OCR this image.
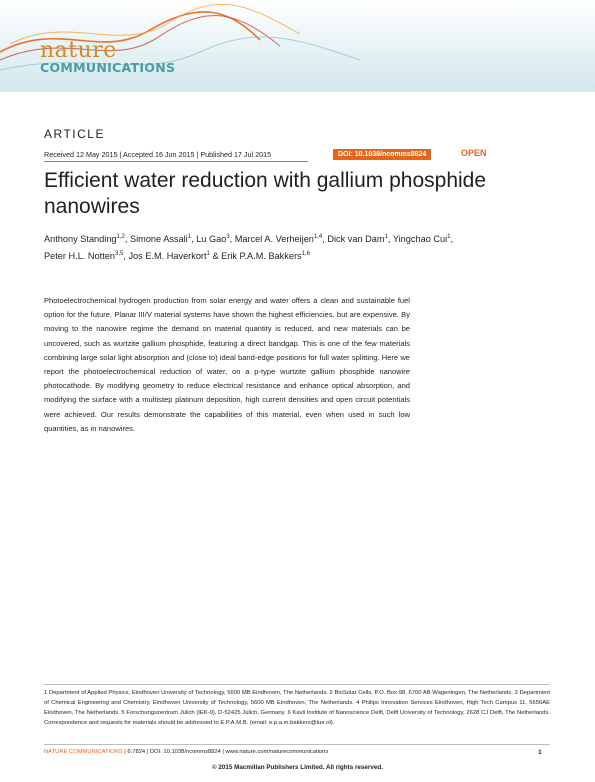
nature
COMMUNICATIONS
ARTICLE
Received 12 May 2015 | Accepted 16 Jun 2015 | Published 17 Jul 2015	DOI: 10.1038/ncomms8824	OPEN
Efficient water reduction with gallium phosphide nanowires
Anthony Standing$^{1,2}$, Simone Assali$^1$, Lu Gao$^3$, Marcel A. Verheijen$^{1,4}$, Dick van Dam$^1$, Yingchao Cui$^1$,
Peter H.L. Notten$^{3,5}$, Jos E.M. Haverkort$^1$ & Erik P.A.M. Bakkers$^{1,6}$

Photoelectrochemical hydrogen production from solar energy and water offers a clean and sustainable fuel option for the future. Planar III/V material systems have shown the highest efficiencies, but are expensive. By moving to the nanowire regime the demand on material quantity is reduced, and new materials can be uncovered, such as wurtzite gallium phosphide, featuring a direct bandgap. This is one of the few materials combining large solar light absorption and (close to) ideal band-edge positions for full water splitting. Here we report the photoelectrochemical reduction of water, on a p-type wurtzite gallium phosphide nanowire photocathode. By modifying geometry to reduce electrical resistance and enhance optical absorption, and modifying the surface with a multistep platinum deposition, high current densities and open circuit potentials were achieved. Our results demonstrate the capabilities of this material, even when used in such low quantities, as in nanowires.

1 Department of Applied Physics, Eindhoven University of Technology, 5600 MB Eindhoven, The Netherlands. 2 BioSolar Cells, P.O. Box 98, 6700 AB Wageningen, The Netherlands. 3 Department of Chemical Engineering and Chemistry, Eindhoven University of Technology, 5600 MB Eindhoven, The Netherlands. 4 Philips Innovation Services Eindhoven, High Tech Campus 11, 5656AE Eindhoven, The Netherlands. 5 Forschungszentrum Jülich (IEK-9), D-52425 Jülich, Germany. 6 Kavli Institute of Nanoscience Delft, Delft University of Technology, 2628 CJ Delft, The Netherlands. Correspondence and requests for materials should be addressed to E.P.A.M.B. (email: e.p.a.m.bakkers@tue.nl).

NATURE COMMUNICATIONS | 6:7824 | DOI: 10.1038/ncomms8824 | www.nature.com/naturecommunications	1
© 2015 Macmillan Publishers Limited. All rights reserved.
